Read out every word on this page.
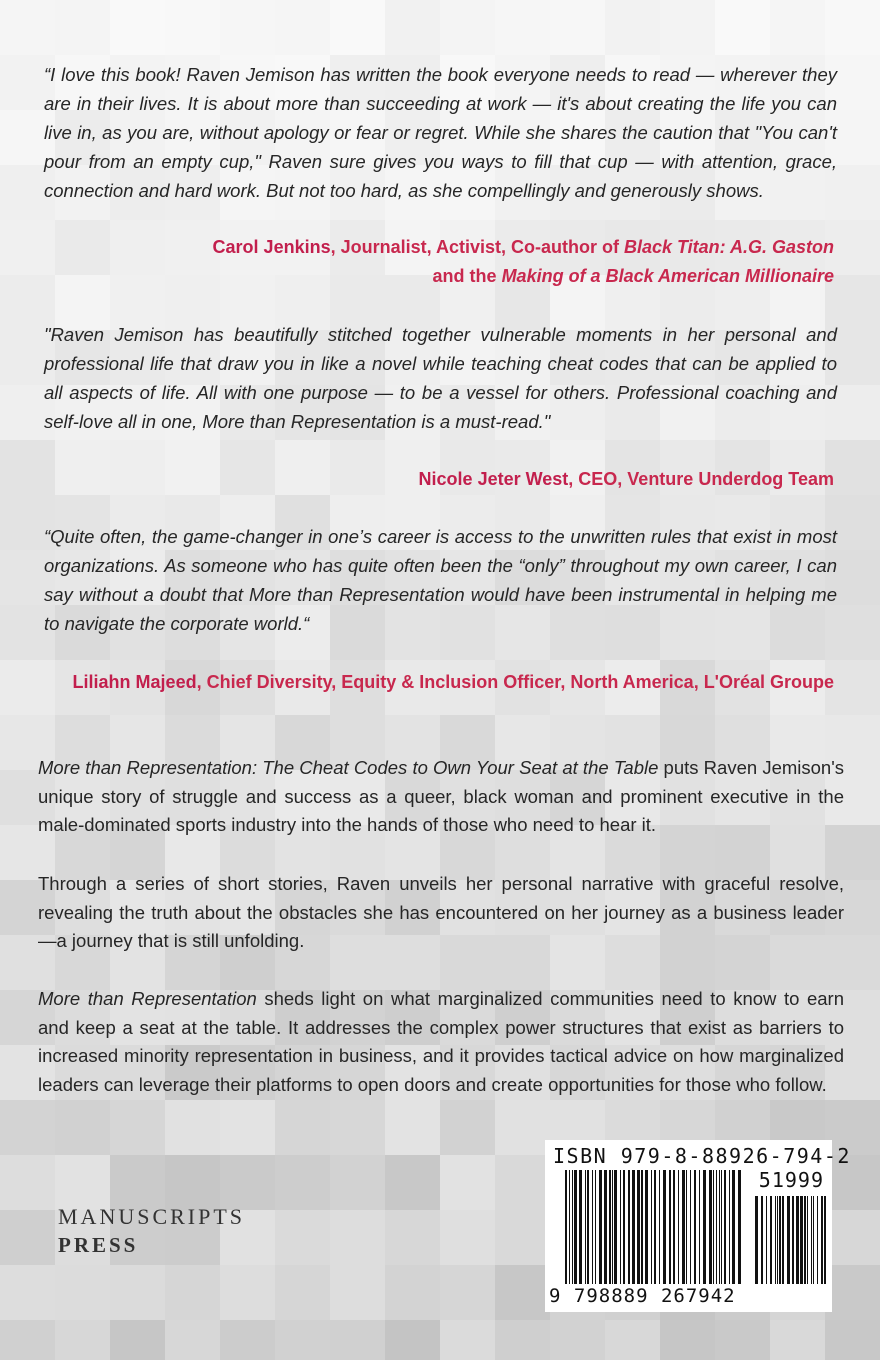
“I love this book! Raven Jemison has written the book everyone needs to read — wherever they are in their lives. It is about more than succeeding at work — it's about creating the life you can live in, as you are, without apology or fear or regret. While she shares the caution that "You can't pour from an empty cup," Raven sure gives you ways to fill that cup — with attention, grace, connection and hard work. But not too hard, as she compellingly and generously shows.

Carol Jenkins, Journalist, Activist, Co-author of Black Titan: A.G. Gaston
and the Making of a Black American Millionaire

"Raven Jemison has beautifully stitched together vulnerable moments in her personal and professional life that draw you in like a novel while teaching cheat codes that can be applied to all aspects of life. All with one purpose — to be a vessel for others. Professional coaching and self-love all in one, More than Representation is a must-read."

Nicole Jeter West, CEO, Venture Underdog Team

“Quite often, the game-changer in one’s career is access to the unwritten rules that exist in most organizations. As someone who has quite often been the “only” throughout my own career, I can say without a doubt that More than Representation would have been instrumental in helping me to navigate the corporate world.“

Liliahn Majeed, Chief Diversity, Equity & Inclusion Officer, North America, L'Oréal Groupe

More than Representation: The Cheat Codes to Own Your Seat at the Table puts Raven Jemison's unique story of struggle and success as a queer, black woman and prominent executive in the male-dominated sports industry into the hands of those who need to hear it.

Through a series of short stories, Raven unveils her personal narrative with graceful resolve, revealing the truth about the obstacles she has encountered on her journey as a business leader—a journey that is still unfolding.

More than Representation sheds light on what marginalized communities need to know to earn and keep a seat at the table. It addresses the complex power structures that exist as barriers to increased minority representation in business, and it provides tactical advice on how marginalized leaders can leverage their platforms to open doors and create opportunities for those who follow.

MANUSCRIPTS
PRESS
ISBN 979-8-88926-794-2
51999
9 798889 267942
